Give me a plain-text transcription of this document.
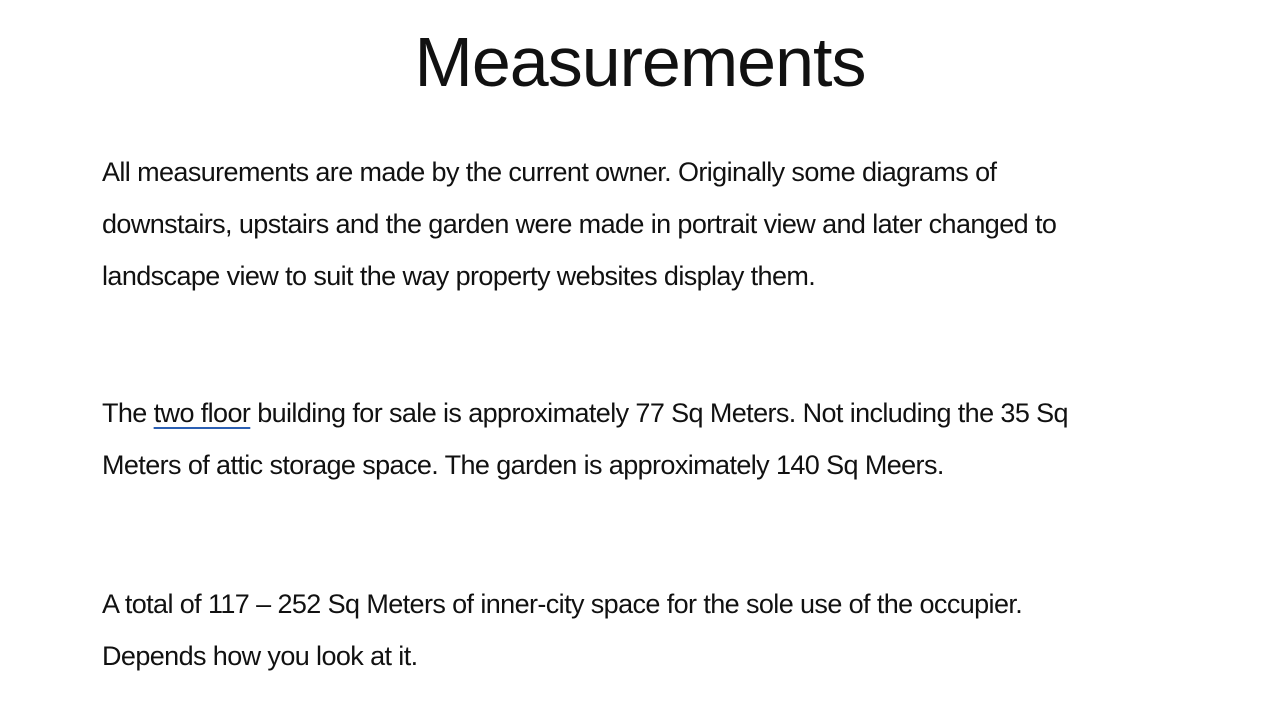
Measurements

All measurements are made by the current owner. Originally some diagrams of
downstairs, upstairs and the garden were made in portrait view and later changed to
landscape view to suit the way property websites display them.

The two floor building for sale is approximately 77 Sq Meters. Not including the 35 Sq
Meters of attic storage space. The garden is approximately 140 Sq Meers.

A total of 117 – 252 Sq Meters of inner-city space for the sole use of the occupier.
Depends how you look at it.
